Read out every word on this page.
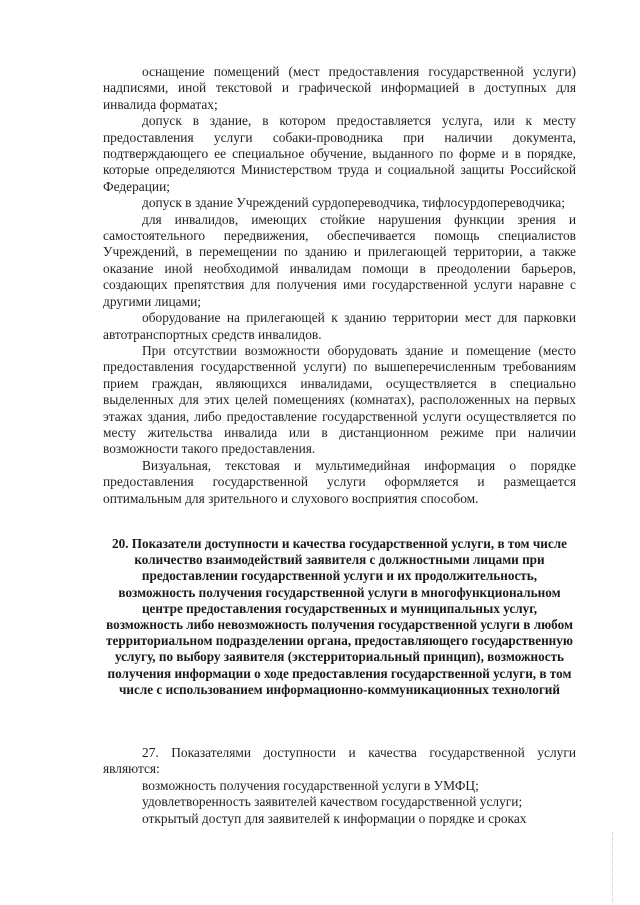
оснащение помещений (мест предоставления государственной услуги) надписями, иной текстовой и графической информацией в доступных для инвалида форматах;

допуск в здание, в котором предоставляется услуга, или к месту предоставления услуги собаки-проводника при наличии документа, подтверждающего ее специальное обучение, выданного по форме и в порядке, которые определяются Министерством труда и социальной защиты Российской Федерации;

допуск в здание Учреждений сурдопереводчика, тифлосурдопереводчика;

для инвалидов, имеющих стойкие нарушения функции зрения и самостоятельного передвижения, обеспечивается помощь специалистов Учреждений, в перемещении по зданию и прилегающей территории, а также оказание иной необходимой инвалидам помощи в преодолении барьеров, создающих препятствия для получения ими государственной услуги наравне с другими лицами;

оборудование на прилегающей к зданию территории мест для парковки автотранспортных средств инвалидов.

При отсутствии возможности оборудовать здание и помещение (место предоставления государственной услуги) по вышеперечисленным требованиям прием граждан, являющихся инвалидами, осуществляется в специально выделенных для этих целей помещениях (комнатах), расположенных на первых этажах здания, либо предоставление государственной услуги осуществляется по месту жительства инвалида или в дистанционном режиме при наличии возможности такого предоставления.

Визуальная, текстовая и мультимедийная информация о порядке предоставления государственной услуги оформляется и размещается оптимальным для зрительного и слухового восприятия способом.

20. Показатели доступности и качества государственной услуги, в том числе количество взаимодействий заявителя с должностными лицами при предоставлении государственной услуги и их продолжительность, возможность получения государственной услуги в многофункциональном центре предоставления государственных и муниципальных услуг, возможность либо невозможность получения государственной услуги в любом территориальном подразделении органа, предоставляющего государственную услугу, по выбору заявителя (экстерриториальный принцип), возможность получения информации о ходе предоставления государственной услуги, в том числе с использованием информационно-коммуникационных технологий

27. Показателями доступности и качества государственной услуги являются:

возможность получения государственной услуги в УМФЦ;

удовлетворенность заявителей качеством государственной услуги;

открытый доступ для заявителей к информации о порядке и сроках
